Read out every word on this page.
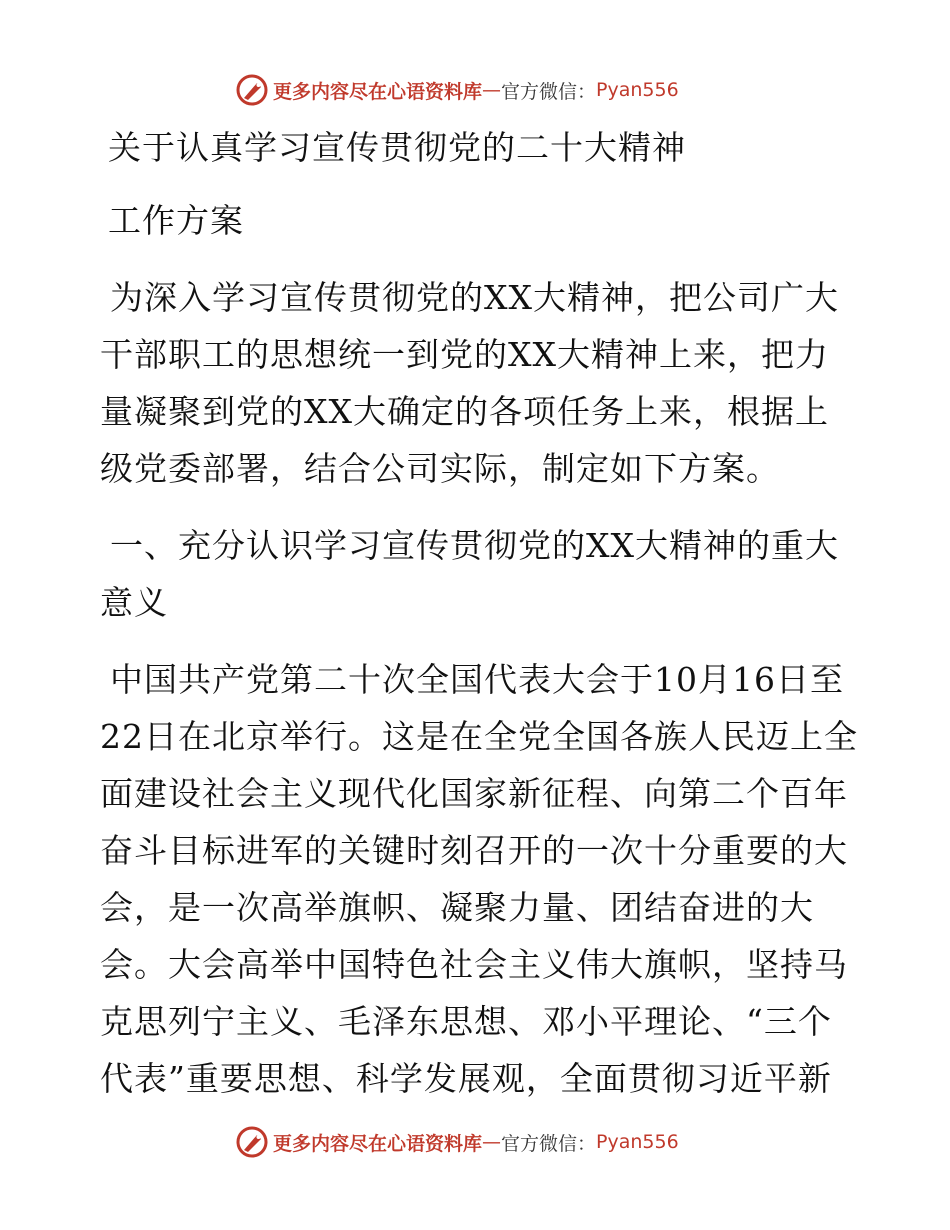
更多内容尽在心语资料库 — 官方微信： Pyan556
关于认真学习宣传贯彻党的二十大精神
工作方案
为深入学习宣传贯彻党的XX大精神，把公司广大
干部职工的思想统一到党的XX大精神上来，把力
量凝聚到党的XX大确定的各项任务上来，根据上
级党委部署，结合公司实际，制定如下方案。
一、充分认识学习宣传贯彻党的XX大精神的重大
意义
中国共产党第二十次全国代表大会于10月16日至
22日在北京举行。这是在全党全国各族人民迈上全
面建设社会主义现代化国家新征程、向第二个百年
奋斗目标进军的关键时刻召开的一次十分重要的大
会，是一次高举旗帜、凝聚力量、团结奋进的大
会。大会高举中国特色社会主义伟大旗帜，坚持马
克思列宁主义、毛泽东思想、邓小平理论、“三个
代表”重要思想、科学发展观，全面贯彻习近平新
更多内容尽在心语资料库 — 官方微信： Pyan556
